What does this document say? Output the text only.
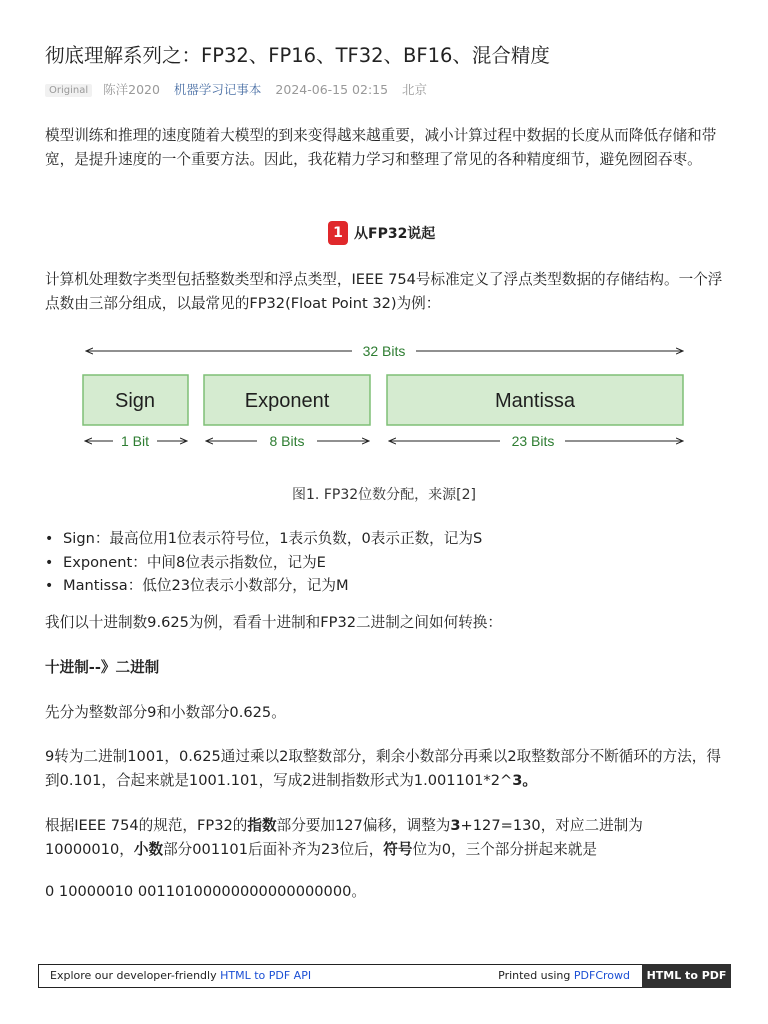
彻底理解系列之：FP32、FP16、TF32、BF16、混合精度
Original 陈洋2020 机器学习记事本 2024-06-15 02:15 北京

模型训练和推理的速度随着大模型的到来变得越来越重要，减小计算过程中数据的长度从而降低存储和带宽，是提升速度的一个重要方法。因此，我花精力学习和整理了常见的各种精度细节，避免囫囵吞枣。

1 从FP32说起

计算机处理数字类型包括整数类型和浮点类型，IEEE 754号标准定义了浮点类型数据的存储结构。一个浮点数由三部分组成，以最常见的FP32(Float Point 32)为例：

32 Bits
Sign	Exponent	Mantissa
1 Bit	8 Bits	23 Bits
图1. FP32位数分配，来源[2]
• Sign：最高位用1位表示符号位，1表示负数，0表示正数，记为S
• Exponent：中间8位表示指数位，记为E
• Mantissa：低位23位表示小数部分，记为M

我们以十进制数9.625为例，看看十进制和FP32二进制之间如何转换：

十进制--》二进制

先分为整数部分9和小数部分0.625。

9转为二进制1001，0.625通过乘以2取整数部分，剩余小数部分再乘以2取整数部分不断循环的方法，得到0.101，合起来就是1001.101，写成2进制指数形式为1.001101*2^3。

根据IEEE 754的规范，FP32的指数部分要加127偏移，调整为3+127=130，对应二进制为10000010，小数部分001101后面补齐为23位后，符号位为0，三个部分拼起来就是

0 10000010 00110100000000000000000。

Explore our developer-friendly HTML to PDF API	Printed using PDFCrowd	HTML to PDF
